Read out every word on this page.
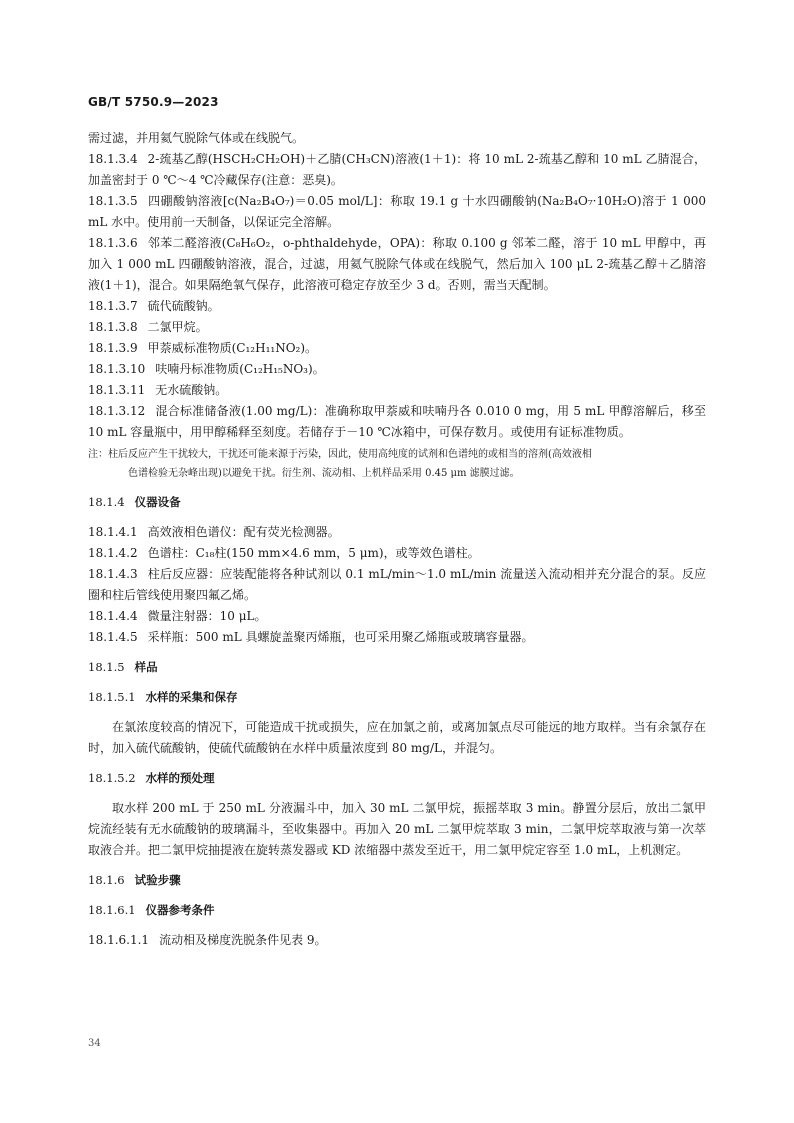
GB/T 5750.9—2023

需过滤，并用氦气脱除气体或在线脱气。

18.1.3.4 2-巯基乙醇(HSCH₂CH₂OH)＋乙腈(CH₃CN)溶液(1＋1)：将 10 mL 2-巯基乙醇和 10 mL 乙腈混合，加盖密封于 0 ℃～4 ℃冷藏保存(注意：恶臭)。

18.1.3.5 四硼酸钠溶液[c(Na₂B₄O₇)＝0.05 mol/L]：称取 19.1 g 十水四硼酸钠(Na₂B₄O₇·10H₂O)溶于 1 000 mL 水中。使用前一天制备，以保证完全溶解。

18.1.3.6 邻苯二醛溶液(C₈H₆O₂，o-phthaldehyde，OPA)：称取 0.100 g 邻苯二醛，溶于 10 mL 甲醇中，再加入 1 000 mL 四硼酸钠溶液，混合，过滤，用氦气脱除气体或在线脱气，然后加入 100 μL 2-巯基乙醇＋乙腈溶液(1＋1)，混合。如果隔绝氧气保存，此溶液可稳定存放至少 3 d。否则，需当天配制。

18.1.3.7 硫代硫酸钠。

18.1.3.8 二氯甲烷。

18.1.3.9 甲萘威标准物质(C₁₂H₁₁NO₂)。

18.1.3.10 呋喃丹标准物质(C₁₂H₁₅NO₃)。

18.1.3.11 无水硫酸钠。

18.1.3.12 混合标准储备液(1.00 mg/L)：准确称取甲萘威和呋喃丹各 0.010 0 mg，用 5 mL 甲醇溶解后，移至 10 mL 容量瓶中，用甲醇稀释至刻度。若储存于－10 ℃冰箱中，可保存数月。或使用有证标准物质。

注：柱后反应产生干扰较大，干扰还可能来源于污染，因此，使用高纯度的试剂和色谱纯的或相当的溶剂(高效液相

色谱检验无杂峰出现)以避免干扰。衍生剂、流动相、上机样品采用 0.45 μm 滤膜过滤。

18.1.4 仪器设备

18.1.4.1 高效液相色谱仪：配有荧光检测器。

18.1.4.2 色谱柱：C₁₈柱(150 mm×4.6 mm，5 μm)，或等效色谱柱。

18.1.4.3 柱后反应器：应装配能将各种试剂以 0.1 mL/min～1.0 mL/min 流量送入流动相并充分混合的泵。反应圈和柱后管线使用聚四氟乙烯。

18.1.4.4 微量注射器：10 μL。

18.1.4.5 采样瓶：500 mL 具螺旋盖聚丙烯瓶，也可采用聚乙烯瓶或玻璃容量器。

18.1.5 样品

18.1.5.1 水样的采集和保存

在氯浓度较高的情况下，可能造成干扰或损失，应在加氯之前，或离加氯点尽可能远的地方取样。当有余氯存在时，加入硫代硫酸钠，使硫代硫酸钠在水样中质量浓度到 80 mg/L，并混匀。

18.1.5.2 水样的预处理

取水样 200 mL 于 250 mL 分液漏斗中，加入 30 mL 二氯甲烷，振摇萃取 3 min。静置分层后，放出二氯甲烷流经装有无水硫酸钠的玻璃漏斗，至收集器中。再加入 20 mL 二氯甲烷萃取 3 min，二氯甲烷萃取液与第一次萃取液合并。把二氯甲烷抽提液在旋转蒸发器或 KD 浓缩器中蒸发至近干，用二氯甲烷定容至 1.0 mL，上机测定。

18.1.6 试验步骤

18.1.6.1 仪器参考条件

18.1.6.1.1 流动相及梯度洗脱条件见表 9。

34
